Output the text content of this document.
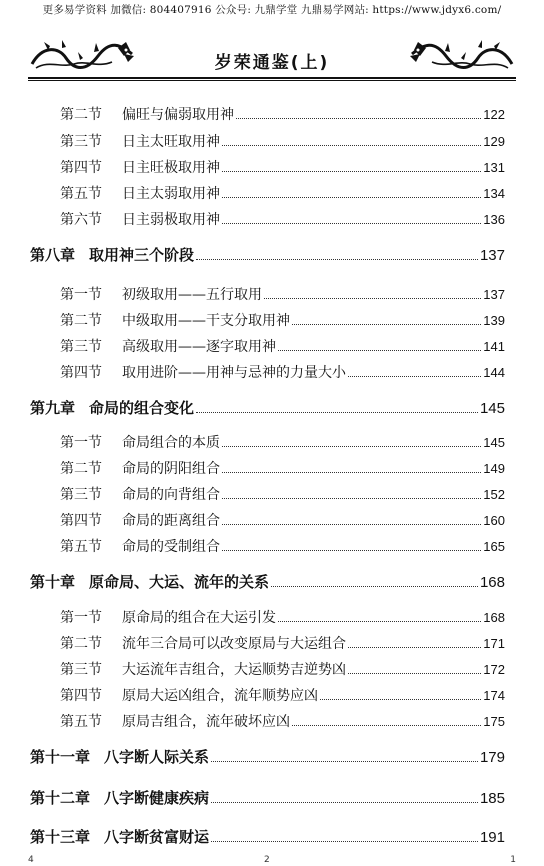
更多易学资料 加微信: 804407916 公众号: 九鼎学堂 九鼎易学网站: https://www.jdyx6.com/
岁荣通鉴(上)
第二节	偏旺与偏弱取用神	122
第三节	日主太旺取用神	129
第四节	日主旺极取用神	131
第五节	日主太弱取用神	134
第六节	日主弱极取用神	136
第八章 取用神三个阶段	137
第一节	初级取用——五行取用	137
第二节	中级取用——干支分取用神	139
第三节	高级取用——逐字取用神	141
第四节	取用进阶——用神与忌神的力量大小	144
第九章 命局的组合变化	145
第一节	命局组合的本质	145
第二节	命局的阴阳组合	149
第三节	命局的向背组合	152
第四节	命局的距离组合	160
第五节	命局的受制组合	165
第十章 原命局、大运、流年的关系	168
第一节	原命局的组合在大运引发	168
第二节	流年三合局可以改变原局与大运组合	171
第三节	大运流年吉组合，大运顺势吉逆势凶	172
第四节	原局大运凶组合，流年顺势应凶	174
第五节	原局吉组合，流年破坏应凶	175
第十一章 八字断人际关系	179
第十二章 八字断健康疾病	185
第十三章 八字断贫富财运	191
4	2	1
